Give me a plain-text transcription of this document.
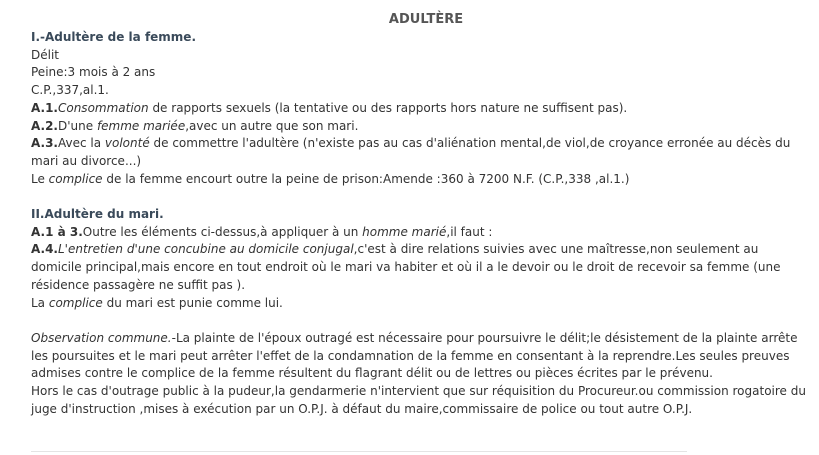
ADULTÈRE
I.-Adultère de la femme.
Délit
Peine:3 mois à 2 ans
C.P.,337,al.1.
A.1.Consommation de rapports sexuels (la tentative ou des rapports hors nature ne suffisent pas).
A.2.D'une femme mariée,avec un autre que son mari.
A.3.Avec la volonté de commettre l'adultère (n'existe pas au cas d'aliénation mental,de viol,de croyance erronée au décès du mari au divorce...)
Le complice de la femme encourt outre la peine de prison:Amende :360 à 7200 N.F. (C.P.,338 ,al.1.)
II.Adultère du mari.
A.1 à 3.Outre les éléments ci-dessus,à appliquer à un homme marié,il faut :
A.4.L'entretien d'une concubine au domicile conjugal,c'est à dire relations suivies avec une maîtresse,non seulement au domicile principal,mais encore en tout endroit où le mari va habiter et où il a le devoir ou le droit de recevoir sa femme (une résidence passagère ne suffit pas ).
La complice du mari est punie comme lui.
Observation commune.-La plainte de l'époux outragé est nécessaire pour poursuivre le délit;le désistement de la plainte arrête les poursuites et le mari peut arrêter l'effet de la condamnation de la femme en consentant à la reprendre.Les seules preuves admises contre le complice de la femme résultent du flagrant délit ou de lettres ou pièces écrites par le prévenu.
Hors le cas d'outrage public à la pudeur,la gendarmerie n'intervient que sur réquisition du Procureur.ou commission rogatoire du juge d'instruction ,mises à exécution par un O.P.J. à défaut du maire,commissaire de police ou tout autre O.P.J.
